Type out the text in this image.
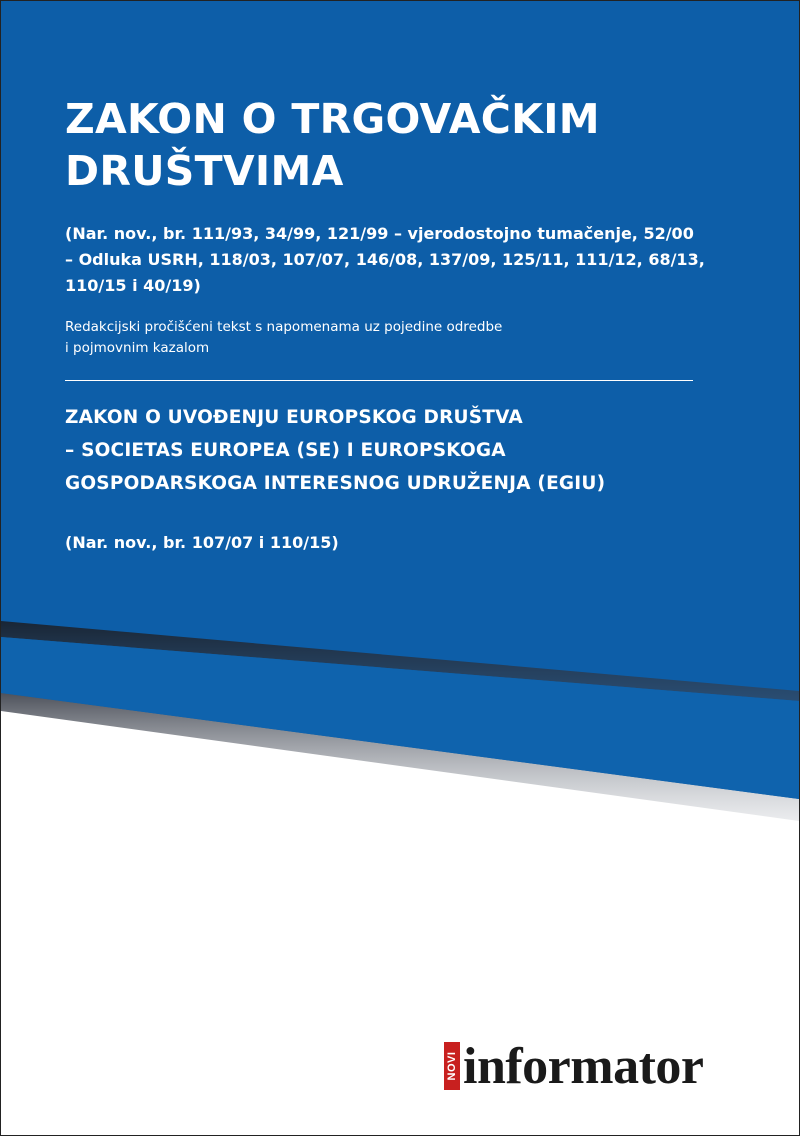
ZAKON O TRGOVAČKIM
DRUŠTVIMA

(Nar. nov., br. 111/93, 34/99, 121/99 – vjerodostojno tumačenje, 52/00
– Odluka USRH, 118/03, 107/07, 146/08, 137/09, 125/11, 111/12, 68/13,
110/15 i 40/19)

Redakcijski pročišćeni tekst s napomenama uz pojedine odredbe
i pojmovnim kazalom

ZAKON O UVOĐENJU EUROPSKOG DRUŠTVA
– SOCIETAS EUROPEA (SE) I EUROPSKOGA
GOSPODARSKOGA INTERESNOG UDRUŽENJA (EGIU)

(Nar. nov., br. 107/07 i 110/15)

NOVI informator
